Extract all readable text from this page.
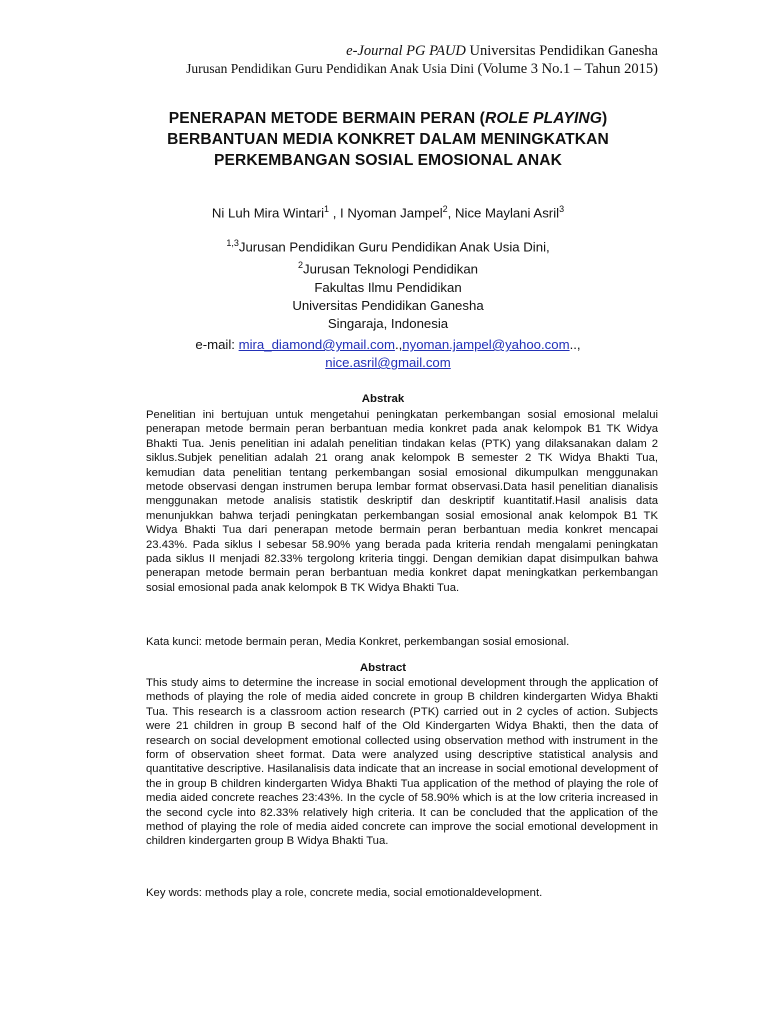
e-Journal PG PAUD Universitas Pendidikan Ganesha
Jurusan Pendidikan Guru Pendidikan Anak Usia Dini (Volume 3 No.1 – Tahun 2015)
PENERAPAN METODE BERMAIN PERAN (ROLE PLAYING)
BERBANTUAN MEDIA KONKRET DALAM MENINGKATKAN
PERKEMBANGAN SOSIAL EMOSIONAL ANAK
Ni Luh Mira Wintari$^1$ , I Nyoman Jampel$^2$, Nice Maylani Asril$^3$
$^{1,3}$Jurusan Pendidikan Guru Pendidikan Anak Usia Dini,
$^2$Jurusan Teknologi Pendidikan
Fakultas Ilmu Pendidikan
Universitas Pendidikan Ganesha
Singaraja, Indonesia
e-mail: mira_diamond@ymail.com.,nyoman.jampel@yahoo.com..,
nice.asril@gmail.com
Abstrak

Penelitian ini bertujuan untuk mengetahui peningkatan perkembangan sosial emosional melalui penerapan metode bermain peran berbantuan media konkret pada anak kelompok B1 TK Widya Bhakti Tua. Jenis penelitian ini adalah penelitian tindakan kelas (PTK) yang dilaksanakan dalam 2 siklus.Subjek penelitian adalah 21 orang anak kelompok B semester 2 TK Widya Bhakti Tua, kemudian data penelitian tentang perkembangan sosial emosional dikumpulkan menggunakan metode observasi dengan instrumen berupa lembar format observasi.Data hasil penelitian dianalisis menggunakan metode analisis statistik deskriptif dan deskriptif kuantitatif.Hasil analisis data menunjukkan bahwa terjadi peningkatan perkembangan sosial emosional anak kelompok B1 TK Widya Bhakti Tua dari penerapan metode bermain peran berbantuan media konkret mencapai 23.43%. Pada siklus I sebesar 58.90% yang berada pada kriteria rendah mengalami peningkatan pada siklus II menjadi 82.33% tergolong kriteria tinggi. Dengan demikian dapat disimpulkan bahwa penerapan metode bermain peran berbantuan media konkret dapat meningkatkan perkembangan sosial emosional pada anak kelompok B TK Widya Bhakti Tua.

Kata kunci: metode bermain peran, Media Konkret, perkembangan sosial emosional.
Abstract

This study aims to determine the increase in social emotional development through the application of methods of playing the role of media aided concrete in group B children kindergarten Widya Bhakti Tua. This research is a classroom action research (PTK) carried out in 2 cycles of action. Subjects were 21 children in group B second half of the Old Kindergarten Widya Bhakti, then the data of research on social development emotional collected using observation method with instrument in the form of observation sheet format. Data were analyzed using descriptive statistical analysis and quantitative descriptive. Hasilanalisis data indicate that an increase in social emotional development of the in group B children kindergarten Widya Bhakti Tua application of the method of playing the role of media aided concrete reaches 23:43%. In the cycle of 58.90% which is at the low criteria increased in the second cycle into 82.33% relatively high criteria. It can be concluded that the application of the method of playing the role of media aided concrete can improve the social emotional development in children kindergarten group B Widya Bhakti Tua.

Key words: methods play a role, concrete media, social emotionaldevelopment.
